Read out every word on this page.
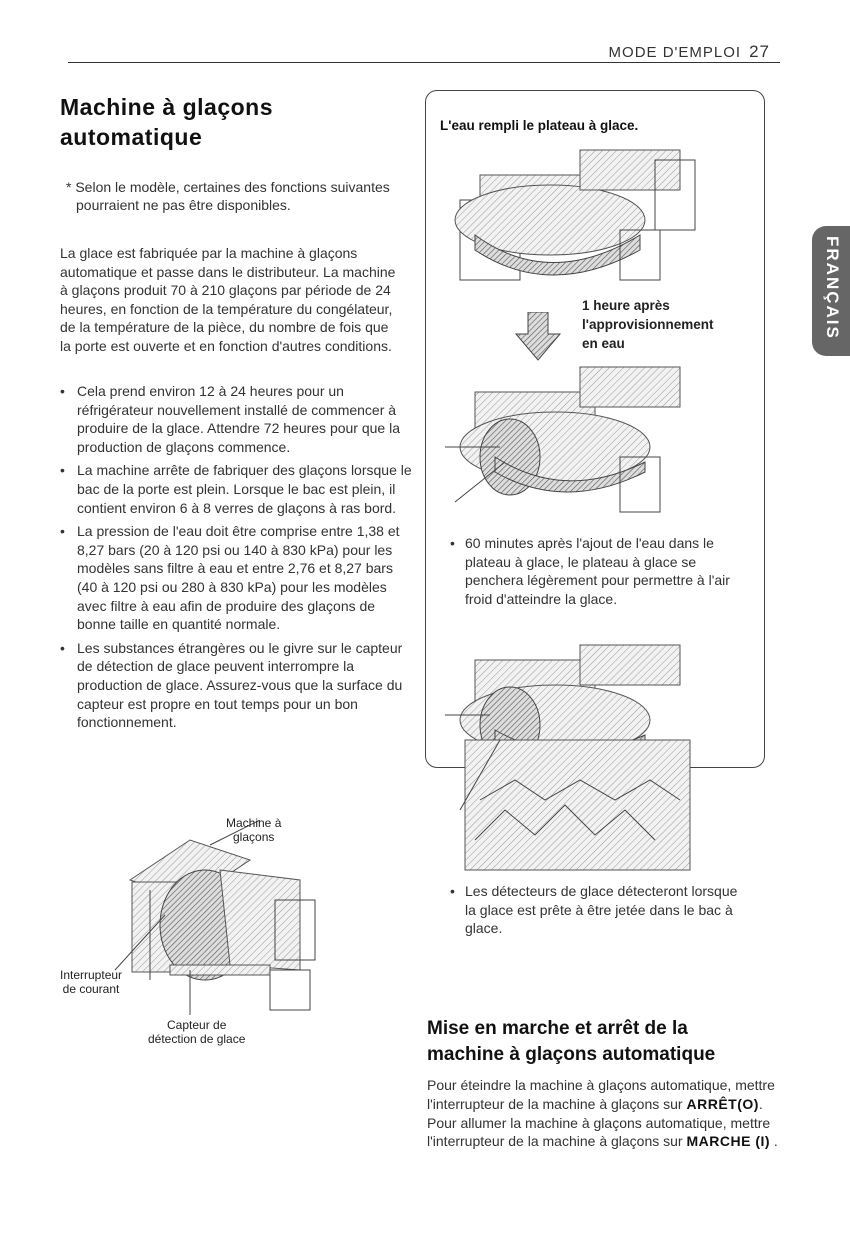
MODE D'EMPLOI 27
FRANÇAIS
Machine à glaçons automatique
* Selon le modèle, certaines des fonctions suivantes pourraient ne pas être disponibles.
La glace est fabriquée par la machine à glaçons automatique et passe dans le distributeur. La machine à glaçons produit 70 à 210 glaçons par période de 24 heures, en fonction de la température du congélateur, de la température de la pièce, du nombre de fois que la porte est ouverte et en fonction d'autres conditions.
• Cela prend environ 12 à 24 heures pour un réfrigérateur nouvellement installé de commencer à produire de la glace. Attendre 72 heures pour que la production de glaçons commence.
• La machine arrête de fabriquer des glaçons lorsque le bac de la porte est plein. Lorsque le bac est plein, il contient environ 6 à 8 verres de glaçons à ras bord.
• La pression de l'eau doit être comprise entre 1,38 et 8,27 bars (20 à 120 psi ou 140 à 830 kPa) pour les modèles sans filtre à eau et entre 2,76 et 8,27 bars (40 à 120 psi ou 280 à 830 kPa) pour les modèles avec filtre à eau afin de produire des glaçons de bonne taille en quantité normale.
• Les substances étrangères ou le givre sur le capteur de détection de glace peuvent interrompre la production de glace. Assurez-vous que la surface du capteur est propre en tout temps pour un bon fonctionnement.
Machine à
glaçons
Interrupteur
de courant
Capteur de
détection de glace
L'eau rempli le plateau à glace.
1 heure après
l'approvisionnement
en eau
• 60 minutes après l'ajout de l'eau dans le plateau à glace, le plateau à glace se penchera légèrement pour permettre à l'air froid d'atteindre la glace.
• Les détecteurs de glace détecteront lorsque la glace est prête à être jetée dans le bac à glace.
Mise en marche et arrêt de la machine à glaçons automatique
Pour éteindre la machine à glaçons automatique, mettre l'interrupteur de la machine à glaçons sur ARRÊT(O). Pour allumer la machine à glaçons automatique, mettre l'interrupteur de la machine à glaçons sur MARCHE (I) .
